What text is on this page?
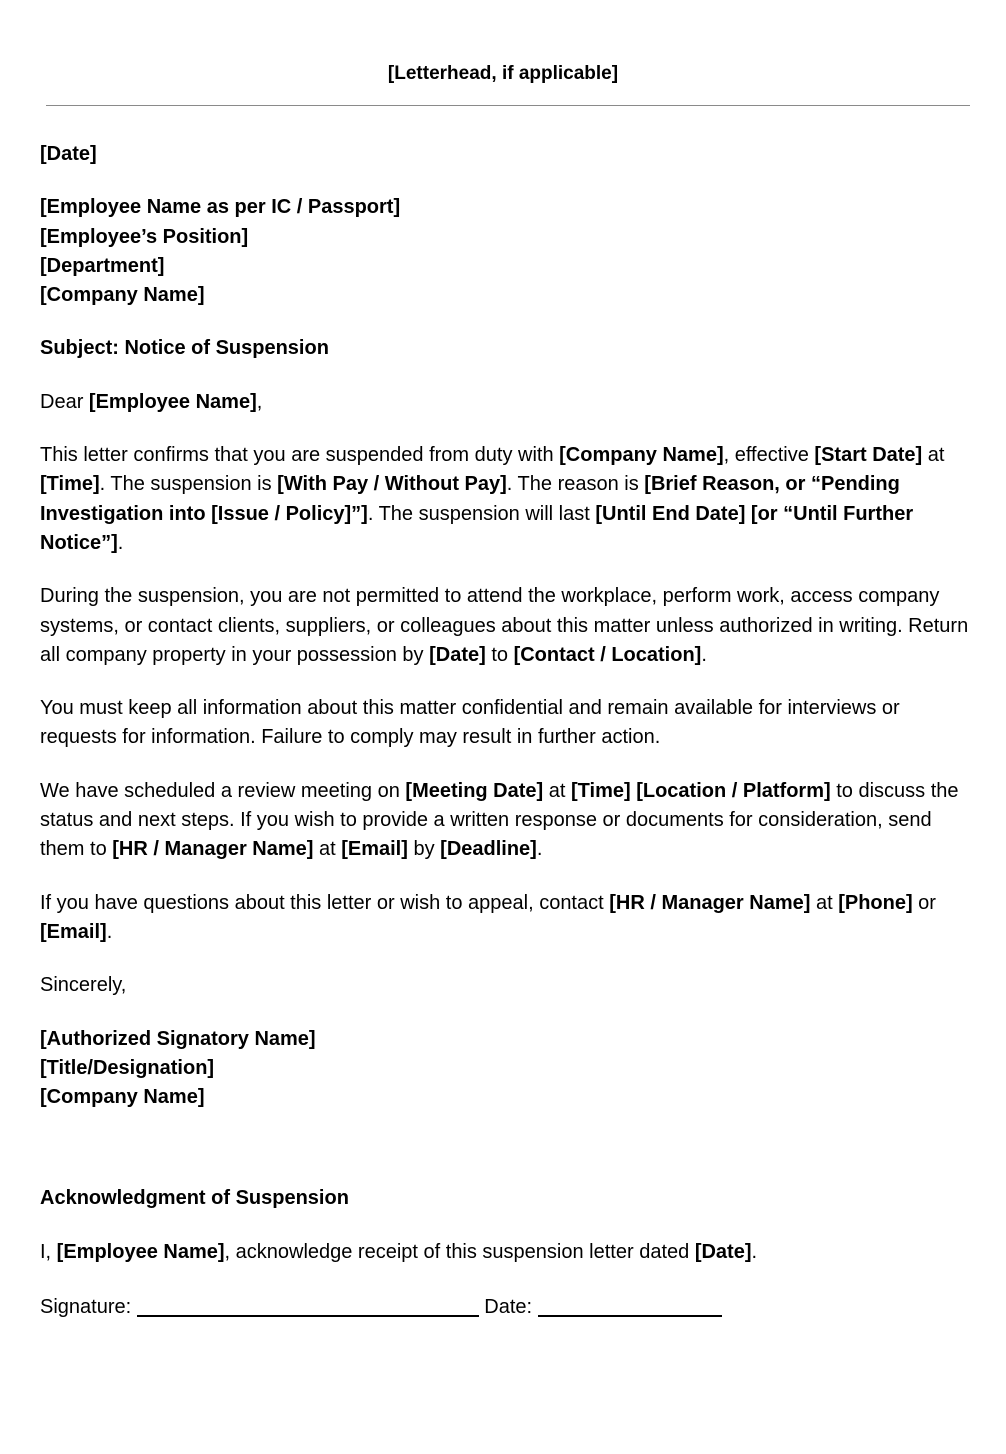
[Letterhead, if applicable]

[Date]

[Employee Name as per IC / Passport]
[Employee’s Position]
[Department]
[Company Name]

Subject: Notice of Suspension

Dear [Employee Name],

This letter confirms that you are suspended from duty with [Company Name], effective [Start Date] at [Time]. The suspension is [With Pay / Without Pay]. The reason is [Brief Reason, or “Pending Investigation into [Issue / Policy]”]. The suspension will last [Until End Date] [or “Until Further Notice”].

During the suspension, you are not permitted to attend the workplace, perform work, access company systems, or contact clients, suppliers, or colleagues about this matter unless authorized in writing. Return all company property in your possession by [Date] to [Contact / Location].

You must keep all information about this matter confidential and remain available for interviews or requests for information. Failure to comply may result in further action.

We have scheduled a review meeting on [Meeting Date] at [Time] [Location / Platform] to discuss the status and next steps. If you wish to provide a written response or documents for consideration, send them to [HR / Manager Name] at [Email] by [Deadline].

If you have questions about this letter or wish to appeal, contact [HR / Manager Name] at [Phone] or [Email].

Sincerely,

[Authorized Signatory Name]
[Title/Designation]
[Company Name]

Acknowledgment of Suspension

I, [Employee Name], acknowledge receipt of this suspension letter dated [Date].

Signature:	Date:
